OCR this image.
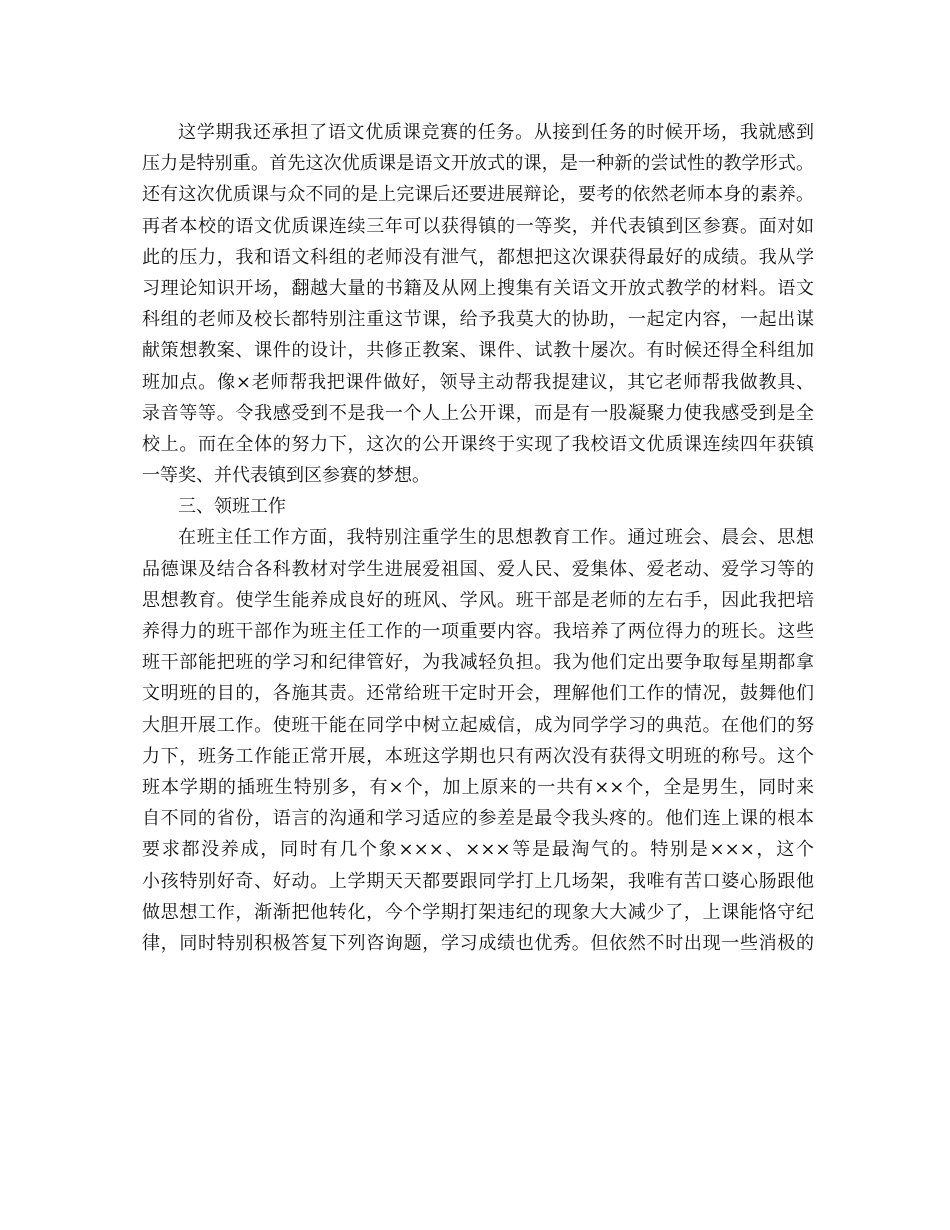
这学期我还承担了语文优质课竞赛的任务。从接到任务的时候开场，我就感到
压力是特别重。首先这次优质课是语文开放式的课，是一种新的尝试性的教学形式。
还有这次优质课与众不同的是上完课后还要进展辩论，要考的依然老师本身的素养。
再者本校的语文优质课连续三年可以获得镇的一等奖，并代表镇到区参赛。面对如
此的压力，我和语文科组的老师没有泄气，都想把这次课获得最好的成绩。我从学
习理论知识开场，翻越大量的书籍及从网上搜集有关语文开放式教学的材料。语文
科组的老师及校长都特别注重这节课，给予我莫大的协助，一起定内容，一起出谋
献策想教案、课件的设计，共修正教案、课件、试教十屡次。有时候还得全科组加
班加点。像×老师帮我把课件做好，领导主动帮我提建议，其它老师帮我做教具、
录音等等。令我感受到不是我一个人上公开课，而是有一股凝聚力使我感受到是全
校上。而在全体的努力下，这次的公开课终于实现了我校语文优质课连续四年获镇
一等奖、并代表镇到区参赛的梦想。
三、领班工作
在班主任工作方面，我特别注重学生的思想教育工作。通过班会、晨会、思想
品德课及结合各科教材对学生进展爱祖国、爱人民、爱集体、爱老动、爱学习等的
思想教育。使学生能养成良好的班风、学风。班干部是老师的左右手，因此我把培
养得力的班干部作为班主任工作的一项重要内容。我培养了两位得力的班长。这些
班干部能把班的学习和纪律管好，为我减轻负担。我为他们定出要争取每星期都拿
文明班的目的，各施其责。还常给班干定时开会，理解他们工作的情况，鼓舞他们
大胆开展工作。使班干能在同学中树立起威信，成为同学学习的典范。在他们的努
力下，班务工作能正常开展，本班这学期也只有两次没有获得文明班的称号。这个
班本学期的插班生特别多，有×个，加上原来的一共有××个，全是男生，同时来
自不同的省份，语言的沟通和学习适应的参差是最令我头疼的。他们连上课的根本
要求都没养成，同时有几个象×××、×××等是最淘气的。特别是×××，这个
小孩特别好奇、好动。上学期天天都要跟同学打上几场架，我唯有苦口婆心肠跟他
做思想工作，渐渐把他转化，今个学期打架违纪的现象大大减少了，上课能恪守纪
律，同时特别积极答复下列咨询题，学习成绩也优秀。但依然不时出现一些消极的
